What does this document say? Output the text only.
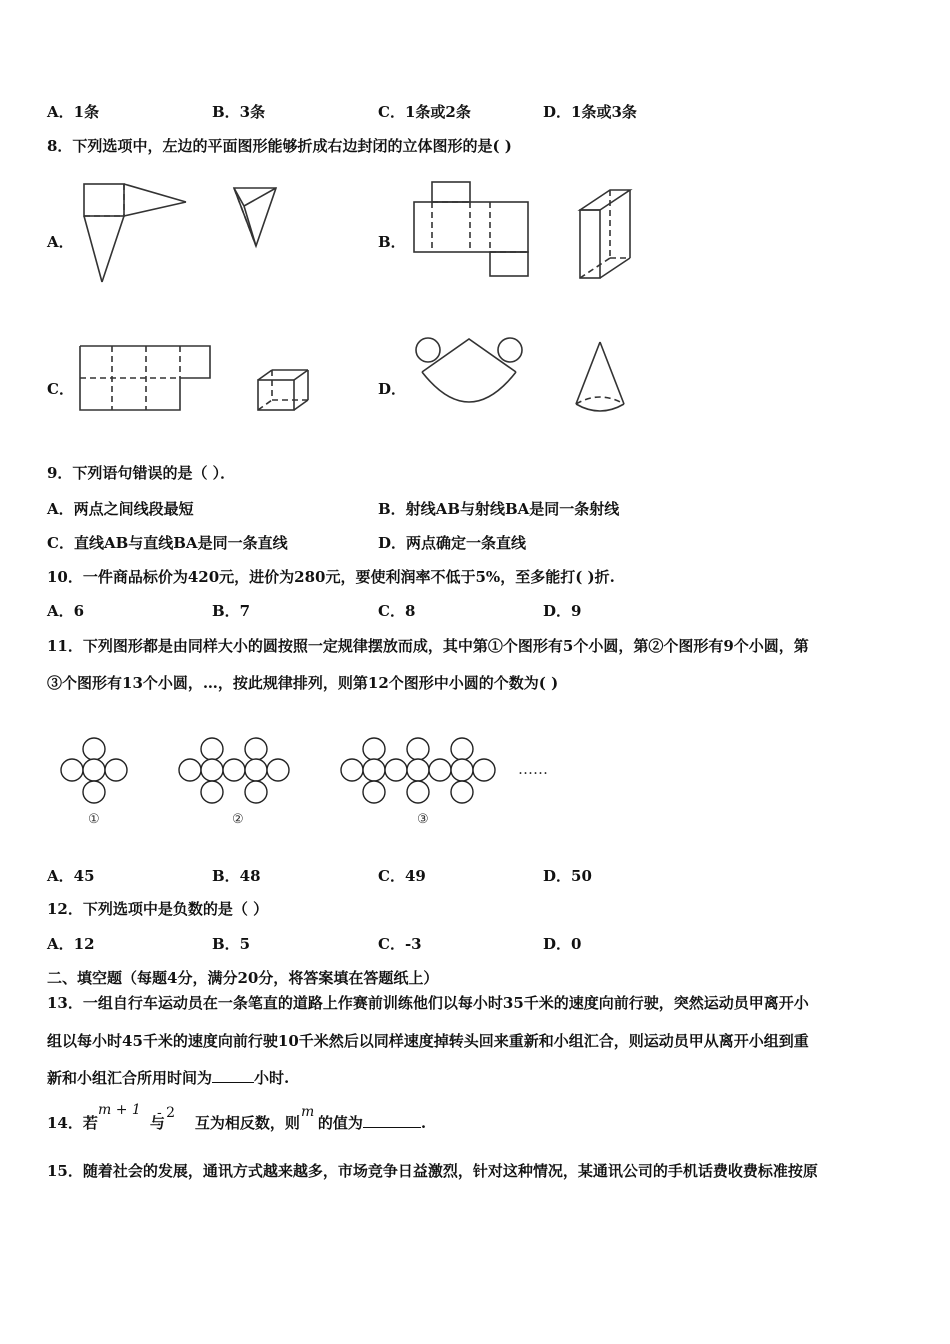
A．1条	B．3条	C．1条或2条	D．1条或3条
8．下列选项中，左边的平面图形能够折成右边封闭的立体图形的是( )
A．	B．
C．	D．
9．下列语句错误的是（ ）．
A．两点之间线段最短	B．射线AB与射线BA是同一条射线
C．直线AB与直线BA是同一条直线	D．两点确定一条直线
10．一件商品标价为420元，进价为280元，要使利润率不低于5%，至多能打( )折.
A．6	B．7	C．8	D．9
11．下列图形都是由同样大小的圆按照一定规律摆放而成，其中第①个图形有5个小圆，第②个图形有9个小圆，第
③个图形有13个小圆，…，按此规律排列，则第12个图形中小圆的个数为( )
……
①	②	③
A．45	B．48	C．49	D．50
12．下列选项中是负数的是（ ）
A．12	B．5	C．-3	D．0
二、填空题（每题4分，满分20分，将答案填在答题纸上）
13．一组自行车运动员在一条笔直的道路上作赛前训练他们以每小时35千米的速度向前行驶，突然运动员甲离开小
组以每小时45千米的速度向前行驶10千米然后以同样速度掉转头回来重新和小组汇合，则运动员甲从离开小组到重
新和小组汇合所用时间为	小时.
14．若	与 互为相反数，则 的值为	.
m + 1 - 2	m
15．随着社会的发展，通讯方式越来越多，市场竞争日益激烈，针对这种情况，某通讯公司的手机话费收费标准按原
